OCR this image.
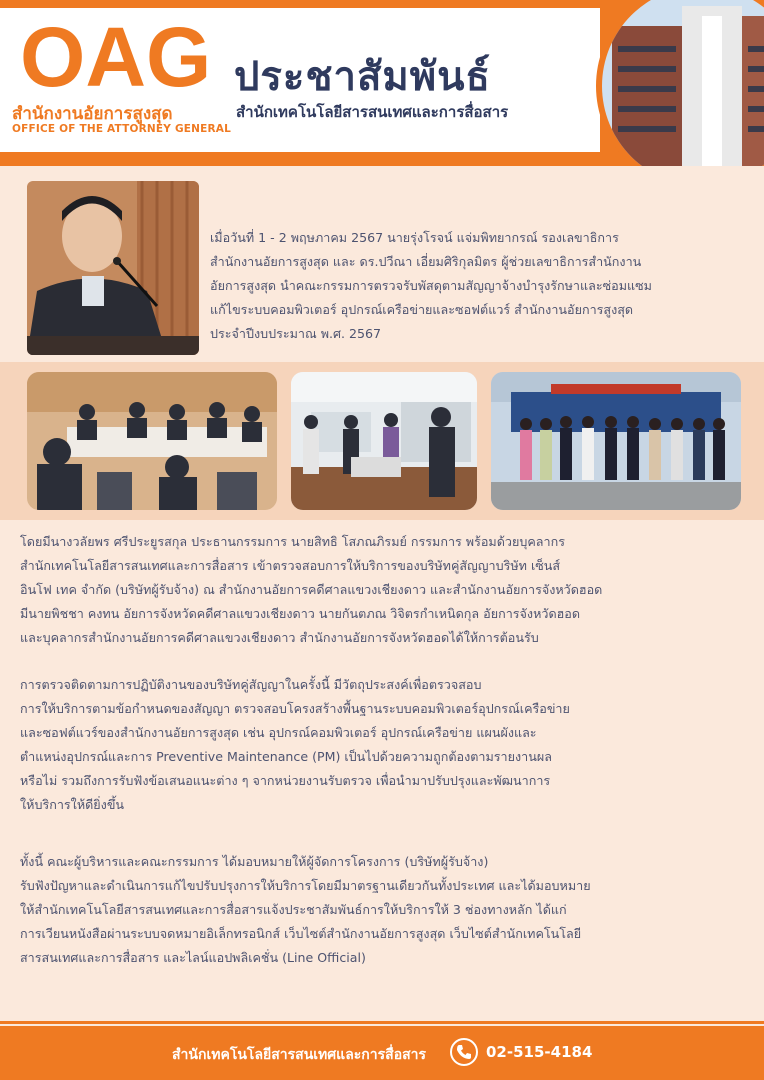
OAG
สำนักงานอัยการสูงสุด
OFFICE OF THE ATTORNEY GENERAL
ประชาสัมพันธ์
สำนักเทคโนโลยีสารสนเทศและการสื่อสาร
เมื่อวันที่ 1 - 2 พฤษภาคม 2567 นายรุ่งโรจน์ แจ่มพิทยากรณ์ รองเลขาธิการ
สำนักงานอัยการสูงสุด และ ดร.ปวีณา เอี่ยมศิริกุลมิตร ผู้ช่วยเลขาธิการสำนักงาน
อัยการสูงสุด นำคณะกรรมการตรวจรับพัสดุตามสัญญาจ้างบำรุงรักษาและซ่อมแซม
แก้ไขระบบคอมพิวเตอร์ อุปกรณ์เครือข่ายและซอฟต์แวร์ สำนักงานอัยการสูงสุด
ประจำปีงบประมาณ พ.ศ. 2567
โดยมีนางวลัยพร ศรีประยูรสกุล ประธานกรรมการ นายสิทธิ โสภณภิรมย์ กรรมการ พร้อมด้วยบุคลากร
สำนักเทคโนโลยีสารสนเทศและการสื่อสาร เข้าตรวจสอบการให้บริการของบริษัทคู่สัญญาบริษัท เซ็นส์
อินโฟ เทค จำกัด (บริษัทผู้รับจ้าง) ณ สำนักงานอัยการคดีศาลแขวงเชียงดาว และสำนักงานอัยการจังหวัดฮอด
มีนายพิชชา คงทน อัยการจังหวัดคดีศาลแขวงเชียงดาว นายกันตภณ วิจิตรกำเหนิดกุล อัยการจังหวัดฮอด
และบุคลากรสำนักงานอัยการคดีศาลแขวงเชียงดาว สำนักงานอัยการจังหวัดฮอดได้ให้การต้อนรับ
การตรวจติดตามการปฏิบัติงานของบริษัทคู่สัญญาในครั้งนี้ มีวัตถุประสงค์เพื่อตรวจสอบ
การให้บริการตามข้อกำหนดของสัญญา ตรวจสอบโครงสร้างพื้นฐานระบบคอมพิวเตอร์อุปกรณ์เครือข่าย
และซอฟต์แวร์ของสำนักงานอัยการสูงสุด เช่น อุปกรณ์คอมพิวเตอร์ อุปกรณ์เครือข่าย แผนผังและ
ตำแหน่งอุปกรณ์และการ Preventive Maintenance (PM) เป็นไปด้วยความถูกต้องตามรายงานผล
หรือไม่ รวมถึงการรับฟังข้อเสนอแนะต่าง ๆ จากหน่วยงานรับตรวจ เพื่อนำมาปรับปรุงและพัฒนาการ
ให้บริการให้ดียิ่งขึ้น
ทั้งนี้ คณะผู้บริหารและคณะกรรมการ ได้มอบหมายให้ผู้จัดการโครงการ (บริษัทผู้รับจ้าง)
รับฟังปัญหาและดำเนินการแก้ไขปรับปรุงการให้บริการโดยมีมาตรฐานเดียวกันทั้งประเทศ และได้มอบหมาย
ให้สำนักเทคโนโลยีสารสนเทศและการสื่อสารแจ้งประชาสัมพันธ์การให้บริการให้ 3 ช่องทางหลัก ได้แก่
การเวียนหนังสือผ่านระบบจดหมายอิเล็กทรอนิกส์ เว็บไซต์สำนักงานอัยการสูงสุด เว็บไซต์สำนักเทคโนโลยี
สารสนเทศและการสื่อสาร และไลน์แอปพลิเคชั่น (Line Official)
สำนักเทคโนโลยีสารสนเทศและการสื่อสาร	02-515-4184
